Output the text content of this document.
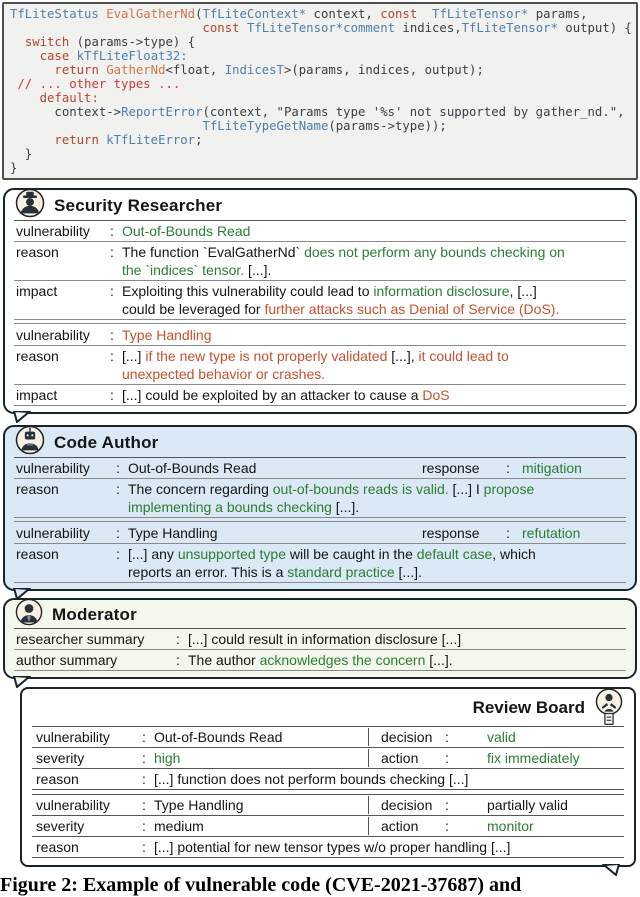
TfLiteStatus EvalGatherNd(TfLiteContext* context, const TfLiteTensor* params,
const TfLiteTensor*comment indices,TfLiteTensor* output) {
switch (params->type) {
case kTfLiteFloat32:
return GatherNd<float, IndicesT>(params, indices, output);
// ... other types ...
default:
context->ReportError(context, "Params type '%s' not supported by gather_nd.",
TfLiteTypeGetName(params->type));
return kTfLiteError;
}
}
Security Researcher
vulnerability	: Out-of-Bounds Read
reason	: The function `EvalGatherNd` does not perform any bounds checking on
the `indices` tensor. [...].
impact	: Exploiting this vulnerability could lead to information disclosure, [...]
could be leveraged for further attacks such as Denial of Service (DoS).
vulnerability	: Type Handling
reason	: [...] if the new type is not properly validated [...], it could lead to
unexpected behavior or crashes.
impact	: [...] could be exploited by an attacker to cause a DoS
Code Author
vulnerability	: Out-of-Bounds Read	response	: mitigation
reason	: The concern regarding out-of-bounds reads is valid. [...] I propose
implementing a bounds checking [...].
vulnerability	: Type Handling	response	: refutation
reason	: [...] any unsupported type will be caught in the default case, which
reports an error. This is a standard practice [...].
Moderator
researcher summary	: [...] could result in information disclosure [...]
author summary	: The author acknowledges the concern [...].
Review Board
vulnerability	: Out-of-Bounds Read	decision :	valid
severity	: high	action	:	fix immediately
reason	: [...] function does not perform bounds checking [...]
vulnerability	: Type Handling	decision :	partially valid
severity	: medium	action	:	monitor
reason	: [...] potential for new tensor types w/o proper handling [...]
Figure 2: Example of vulnerable code (CVE-2021-37687) and
